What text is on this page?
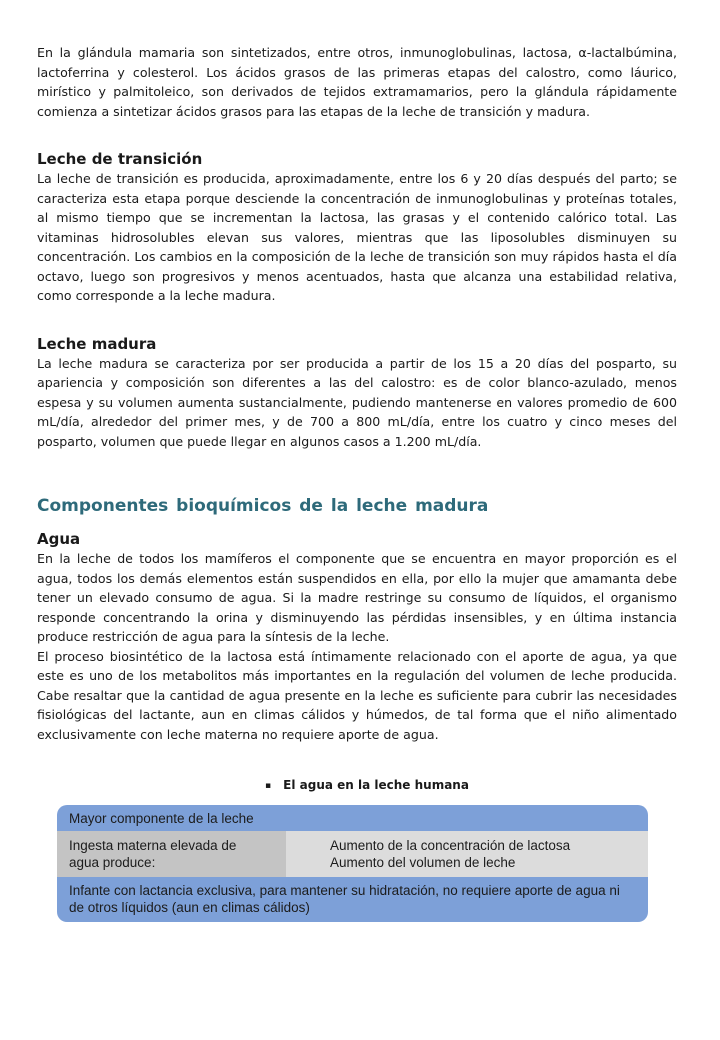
En la glándula mamaria son sintetizados, entre otros, inmunoglobulinas, lactosa, α-lactalbúmina, lactoferrina y colesterol. Los ácidos grasos de las primeras etapas del calostro, como láurico, mirístico y palmitoleico, son derivados de tejidos extramamarios, pero la glándula rápidamente comienza a sintetizar ácidos grasos para las etapas de la leche de transición y madura.

Leche de transición

La leche de transición es producida, aproximadamente, entre los 6 y 20 días después del parto; se caracteriza esta etapa porque desciende la concentración de inmunoglobulinas y proteínas totales, al mismo tiempo que se incrementan la lactosa, las grasas y el contenido calórico total. Las vitaminas hidrosolubles elevan sus valores, mientras que las liposolubles disminuyen su concentración. Los cambios en la composición de la leche de transición son muy rápidos hasta el día octavo, luego son progresivos y menos acentuados, hasta que alcanza una estabilidad relativa, como corresponde a la leche madura.

Leche madura

La leche madura se caracteriza por ser producida a partir de los 15 a 20 días del posparto, su apariencia y composición son diferentes a las del calostro: es de color blanco-azulado, menos espesa y su volumen aumenta sustancialmente, pudiendo mantenerse en valores promedio de 600 mL/día, alrededor del primer mes, y de 700 a 800 mL/día, entre los cuatro y cinco meses del posparto, volumen que puede llegar en algunos casos a 1.200 mL/día.

Componentes bioquímicos de la leche madura
Agua

En la leche de todos los mamíferos el componente que se encuentra en mayor proporción es el agua, todos los demás elementos están suspendidos en ella, por ello la mujer que amamanta debe tener un elevado consumo de agua. Si la madre restringe su consumo de líquidos, el organismo responde concentrando la orina y disminuyendo las pérdidas insensibles, y en última instancia produce restricción de agua para la síntesis de la leche.

El proceso biosintético de la lactosa está íntimamente relacionado con el aporte de agua, ya que este es uno de los metabolitos más importantes en la regulación del volumen de leche producida. Cabe resaltar que la cantidad de agua presente en la leche es suficiente para cubrir las necesidades fisiológicas del lactante, aun en climas cálidos y húmedos, de tal forma que el niño alimentado exclusivamente con leche materna no requiere aporte de agua.

▪ El agua en la leche humana
Mayor componente de la leche
Ingesta materna elevada de
agua produce:
Aumento de la concentración de lactosa
Aumento del volumen de leche
Infante con lactancia exclusiva, para mantener su hidratación, no requiere aporte de agua ni
de otros líquidos (aun en climas cálidos)
